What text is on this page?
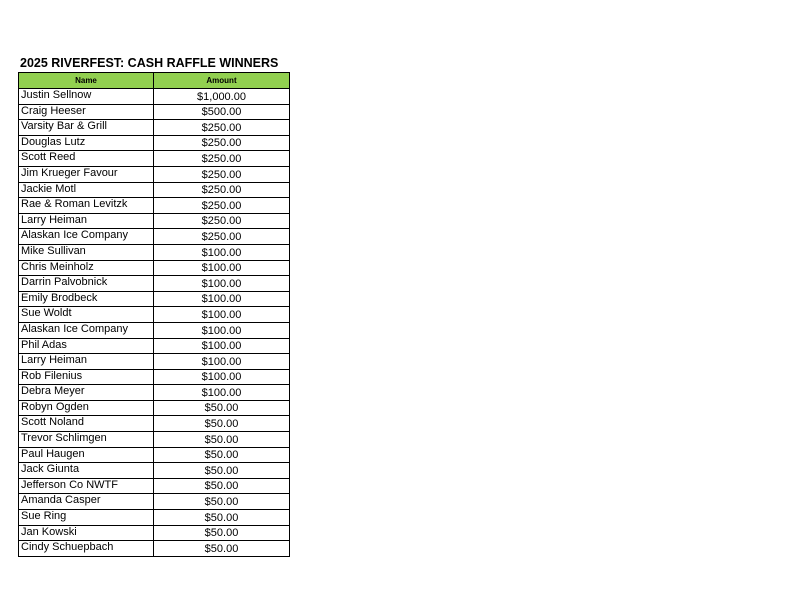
2025 RIVERFEST: CASH RAFFLE WINNERS
Name	Amount
Justin Sellnow	$1,000.00
Craig Heeser	$500.00
Varsity Bar & Grill	$250.00
Douglas Lutz	$250.00
Scott Reed	$250.00
Jim Krueger Favour	$250.00
Jackie Motl	$250.00
Rae & Roman Levitzk	$250.00
Larry Heiman	$250.00
Alaskan Ice Company	$250.00
Mike Sullivan	$100.00
Chris Meinholz	$100.00
Darrin Palvobnick	$100.00
Emily Brodbeck	$100.00
Sue Woldt	$100.00
Alaskan Ice Company	$100.00
Phil Adas	$100.00
Larry Heiman	$100.00
Rob Filenius	$100.00
Debra Meyer	$100.00
Robyn Ogden	$50.00
Scott Noland	$50.00
Trevor Schlimgen	$50.00
Paul Haugen	$50.00
Jack Giunta	$50.00
Jefferson Co NWTF	$50.00
Amanda Casper	$50.00
Sue Ring	$50.00
Jan Kowski	$50.00
Cindy Schuepbach	$50.00
